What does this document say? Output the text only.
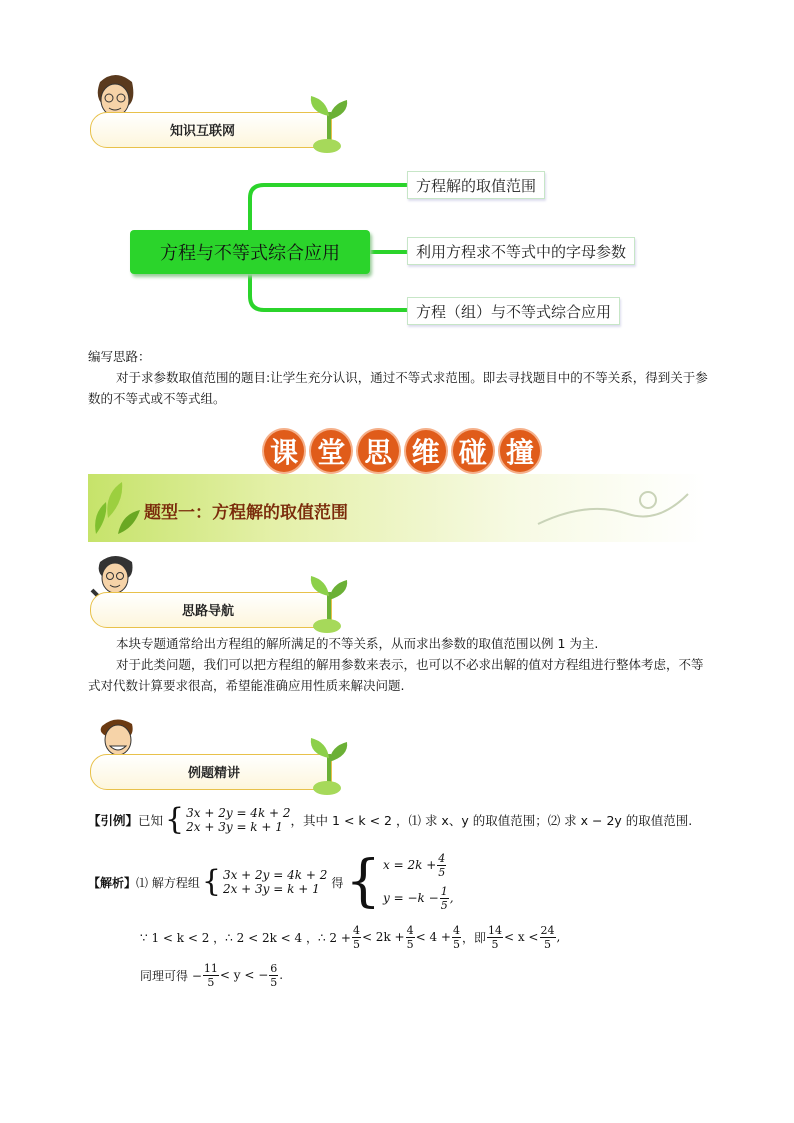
知识互联网
方程与不等式综合应用
方程解的取值范围
利用方程求不等式中的字母参数
方程（组）与不等式综合应用
编写思路：
对于求参数取值范围的题目:让学生充分认识，通过不等式求范围。即去寻找题目中的不等关系，得到关于参数的不等式或不等式组。
课 堂 思 维 碰 撞
题型一：方程解的取值范围
思路导航
本块专题通常给出方程组的解所满足的不等关系，从而求出参数的取值范围以例 1 为主.
对于此类问题，我们可以把方程组的解用参数来表示，也可以不必求出解的值对方程组进行整体考虑，不等式对代数计算要求很高，希望能准确应用性质来解决问题.
例题精讲
【引例】 已知 { 3x + 2y = 4k + 2
2x + 3y = k + 1 ，其中 1 < k < 2 ，⑴ 求 x、y 的取值范围；⑵ 求 x − 2y 的取值范围.
【解析】 ⑴ 解方程组 { 3x + 2y = 4k + 2
2x + 3y = k + 1 得 { $x = 2k + \frac{4}{5}$
$y = -k - \frac{1}{5}$ ,
∵ 1 < k < 2 ，∴ 2 < 2k < 4 ，∴ $2 + \frac{4}{5} < 2k + \frac{4}{5} < 4 + \frac{4}{5}$ ，即 $\frac{14}{5} < x < \frac{24}{5}$ ,
同理可得 − $\frac{11}{5} < y$ < − $\frac{6}{5}$ .
